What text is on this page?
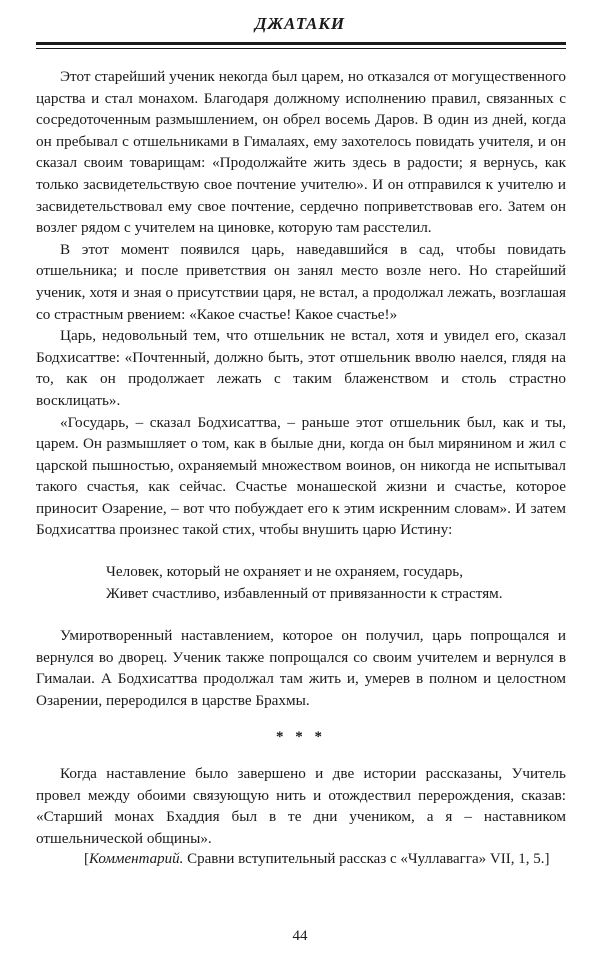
ДЖАТАКИ

Этот старейший ученик некогда был царем, но отказался от могущественного царства и стал монахом. Благодаря должному исполнению правил, связанных с сосредоточенным размышлением, он обрел восемь Даров. В один из дней, когда он пребывал с отшельниками в Гималаях, ему захотелось повидать учителя, и он сказал своим товарищам: «Продолжайте жить здесь в радости; я вернусь, как только засвидетельствую свое почтение учителю». И он отправился к учителю и засвидетельствовал ему свое почтение, сердечно поприветствовав его. Затем он возлег рядом с учителем на циновке, которую там расстелил.

В этот момент появился царь, наведавшийся в сад, чтобы повидать отшельника; и после приветствия он занял место возле него. Но старейший ученик, хотя и зная о присутствии царя, не встал, а продолжал лежать, возглашая со страстным рвением: «Какое счастье! Какое счастье!»

Царь, недовольный тем, что отшельник не встал, хотя и увидел его, сказал Бодхисаттве: «Почтенный, должно быть, этот отшельник вволю наелся, глядя на то, как он продолжает лежать с таким блаженством и столь страстно восклицать».

«Государь, – сказал Бодхисаттва, – раньше этот отшельник был, как и ты, царем. Он размышляет о том, как в былые дни, когда он был мирянином и жил с царской пышностью, охраняемый множеством воинов, он никогда не испытывал такого счастья, как сейчас. Счастье монашеской жизни и счастье, которое приносит Озарение, – вот что побуждает его к этим искренним словам». И затем Бодхисаттва произнес такой стих, чтобы внушить царю Истину:

Человек, который не охраняет и не охраняем, государь,
Живет счастливо, избавленный от привязанности к страстям.

Умиротворенный наставлением, которое он получил, царь попрощался и вернулся во дворец. Ученик также попрощался со своим учителем и вернулся в Гималаи. А Бодхисаттва продолжал там жить и, умерев в полном и целостном Озарении, переродился в царстве Брахмы.

* * *

Когда наставление было завершено и две истории рассказаны, Учитель провел между обоими связующую нить и отождествил перерождения, сказав: «Старший монах Бхаддия был в те дни учеником, а я – наставником отшельнической общины».

[Комментарий. Сравни вступительный рассказ с «Чуллавагга» VII, 1, 5.]

44
